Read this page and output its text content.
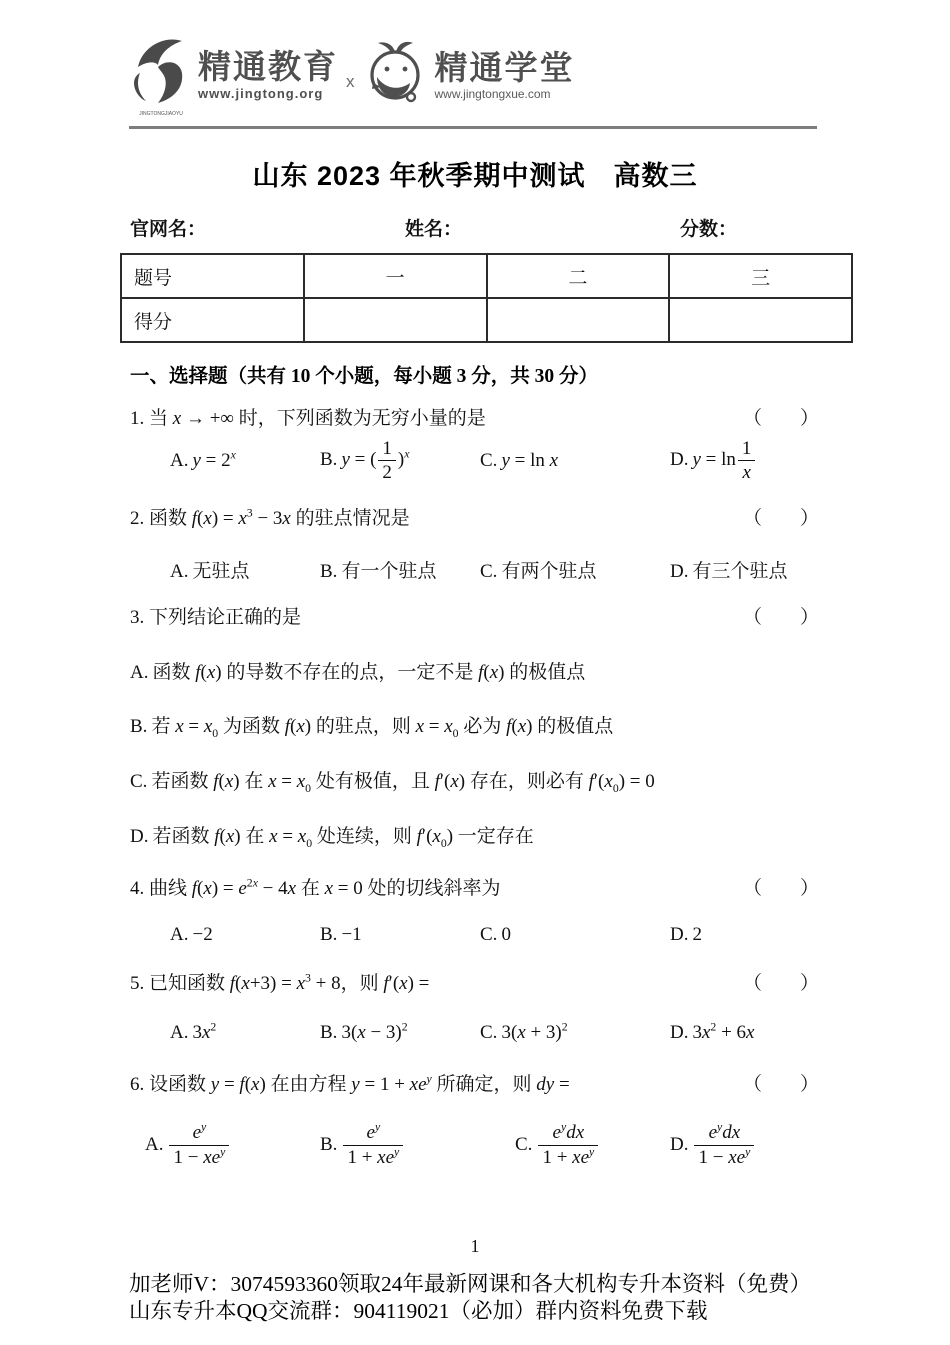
JINGTONGJIAOYU
精通教育
www.jingtong.org
x 精通学堂
www.jingtongxue.com
山东 2023 年秋季期中测试　高数三
官网名：	姓名：	分数：
题号	一	二	三
得分			
一、选择题（共有 10 个小题，每小题 3 分，共 30 分）
1. 当 x → +∞ 时，下列函数为无穷小量的是	（　　）
A. $y = 2^x$	B. y = ( $\frac{1}{2} )^x$	C. y = ln x	D. $y = \ln \frac{1}{x}$
2. 函数 $f(x) = x^3 - 3x$ 的驻点情况是	（　　）
A. 无驻点	B. 有一个驻点	C. 有两个驻点	D. 有三个驻点
3. 下列结论正确的是	（　　）
A. 函数 f(x) 的导数不存在的点，一定不是 f(x) 的极值点
B. 若 $x = x_0$ 为函数 f(x) 的驻点，则 $x = x_0$ 必为 f(x) 的极值点
C. 若函数 f(x) 在 $x = x_0$ 处有极值，且 f′(x) 存在，则必有 $f'(x_0) = 0$
D. 若函数 f(x) 在 $x = x_0$ 处连续，则 $f'(x_0)$ 一定存在
4. 曲线 $f(x) = e^{2x} - 4x$ 在 x = 0 处的切线斜率为	（　　）
A. −2	B. −1	C. 0	D. 2
5. 已知函数 $f(x+3) = x^3 + 8$，则 f′(x) =	（　　）
A. $3x^2$	B. $3(x - 3)^2$	C. $3(x + 3)^2$	D. $3x^2 + 6x$
6. 设函数 y = f(x) 在由方程 $y = 1 + xe^y$ 所确定，则 dy =	（　　）
A. $\frac{e^y}{1 - xe^y}$	B. $\frac{e^y}{1 + xe^y}$	C. $\frac{e^ydx}{1 + xe^y}$	D. $\frac{e^ydx}{1 - xe^y}$
1
加老师V：3074593360领取24年最新网课和各大机构专升本资料（免费）
山东专升本QQ交流群：904119021（必加）群内资料免费下载
